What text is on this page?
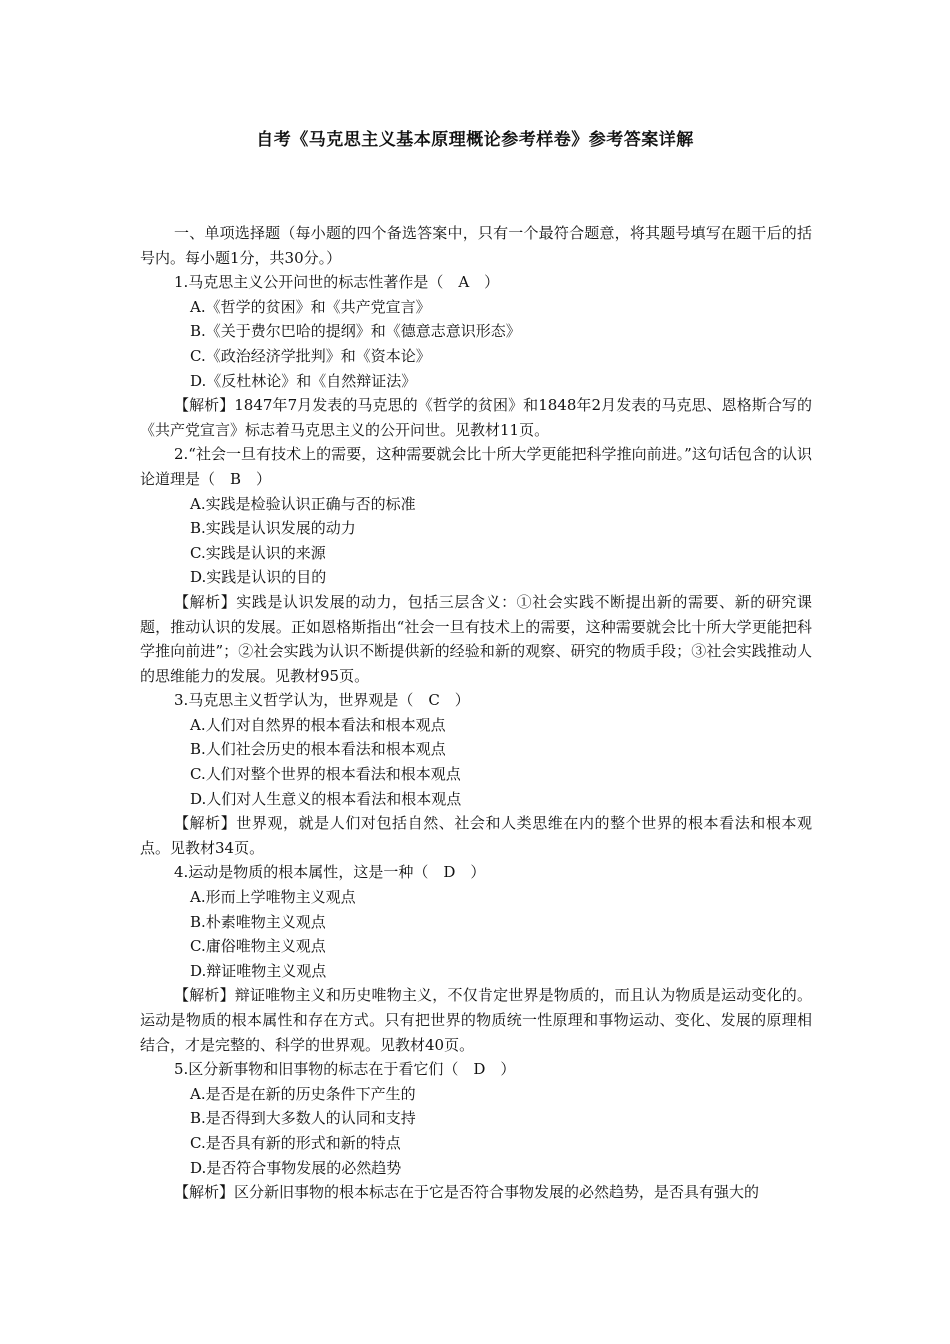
自考《马克思主义基本原理概论参考样卷》参考答案详解

一、单项选择题（每小题的四个备选答案中，只有一个最符合题意，将其题号填写在题干后的括号内。每小题1分，共30分。）

1.马克思主义公开问世的标志性著作是（　A　）

A.《哲学的贫困》和《共产党宣言》

B.《关于费尔巴哈的提纲》和《德意志意识形态》

C.《政治经济学批判》和《资本论》

D.《反杜林论》和《自然辩证法》

【解析】1847年7月发表的马克思的《哲学的贫困》和1848年2月发表的马克思、恩格斯合写的《共产党宣言》标志着马克思主义的公开问世。见教材11页。

2.“社会一旦有技术上的需要，这种需要就会比十所大学更能把科学推向前进。”这句话包含的认识论道理是（　B　）

A.实践是检验认识正确与否的标准

B.实践是认识发展的动力

C.实践是认识的来源

D.实践是认识的目的

【解析】实践是认识发展的动力，包括三层含义：①社会实践不断提出新的需要、新的研究课题，推动认识的发展。正如恩格斯指出“社会一旦有技术上的需要，这种需要就会比十所大学更能把科学推向前进”；②社会实践为认识不断提供新的经验和新的观察、研究的物质手段；③社会实践推动人的思维能力的发展。见教材95页。

3.马克思主义哲学认为，世界观是（　C　）

A.人们对自然界的根本看法和根本观点

B.人们社会历史的根本看法和根本观点

C.人们对整个世界的根本看法和根本观点

D.人们对人生意义的根本看法和根本观点

【解析】世界观，就是人们对包括自然、社会和人类思维在内的整个世界的根本看法和根本观点。见教材34页。

4.运动是物质的根本属性，这是一种（　D　）

A.形而上学唯物主义观点

B.朴素唯物主义观点

C.庸俗唯物主义观点

D.辩证唯物主义观点

【解析】辩证唯物主义和历史唯物主义，不仅肯定世界是物质的，而且认为物质是运动变化的。运动是物质的根本属性和存在方式。只有把世界的物质统一性原理和事物运动、变化、发展的原理相结合，才是完整的、科学的世界观。见教材40页。

5.区分新事物和旧事物的标志在于看它们（　D　）

A.是否是在新的历史条件下产生的

B.是否得到大多数人的认同和支持

C.是否具有新的形式和新的特点

D.是否符合事物发展的必然趋势

【解析】区分新旧事物的根本标志在于它是否符合事物发展的必然趋势，是否具有强大的
